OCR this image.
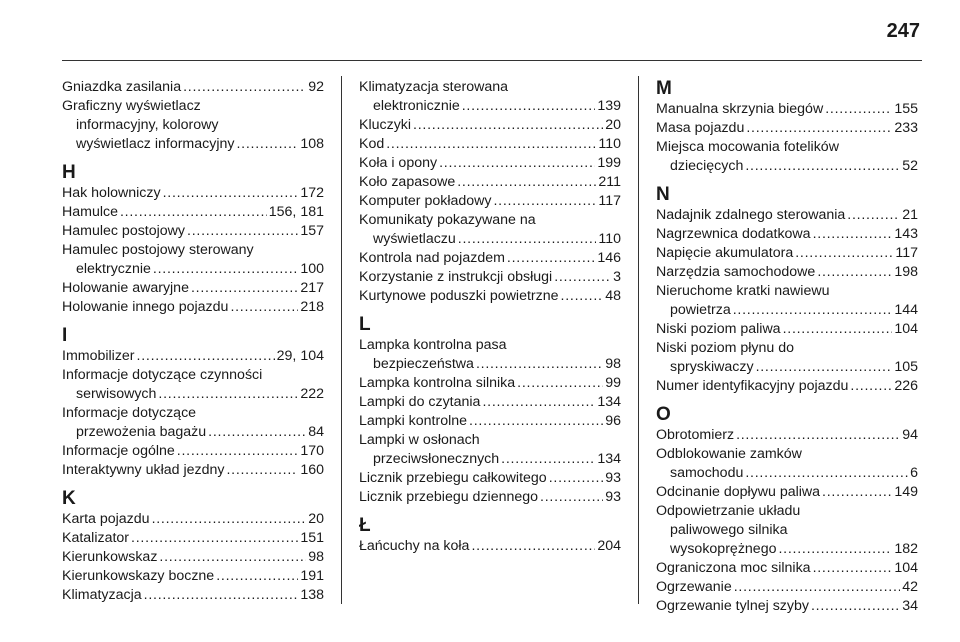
247
Gniazdka zasilania . . .	92
Graficzny wyświetlacz
informacyjny, kolorowy
wyświetlacz informacyjny . . .	108
H
Hak holowniczy . . .	172
Hamulce . . .	156, 181
Hamulec postojowy . . .	157
Hamulec postojowy sterowany
elektrycznie . . .	100
Holowanie awaryjne . . .	217
Holowanie innego pojazdu . . .	218
I
Immobilizer . . .	29, 104
Informacje dotyczące czynności
serwisowych . . .	222
Informacje dotyczące
przewożenia bagażu . . .	84
Informacje ogólne . . .	170
Interaktywny układ jezdny . . .	160
K
Karta pojazdu . . .	20
Katalizator . . .	151
Kierunkowskaz . . .	98
Kierunkowskazy boczne . . .	191
Klimatyzacja . . .	138
Klimatyzacja sterowana
elektronicznie . . .	139
Kluczyki . . .	20
Kod . . .	110
Koła i opony . . .	199
Koło zapasowe . . .	211
Komputer pokładowy . . .	117
Komunikaty pokazywane na
wyświetlaczu . . .	110
Kontrola nad pojazdem . . .	146
Korzystanie z instrukcji obsługi . . .	3
Kurtynowe poduszki powietrzne . . .	48
L
Lampka kontrolna pasa
bezpieczeństwa . . .	98
Lampka kontrolna silnika . . .	99
Lampki do czytania . . .	134
Lampki kontrolne . . .	96
Lampki w osłonach
przeciwsłonecznych . . .	134
Licznik przebiegu całkowitego . . .	93
Licznik przebiegu dziennego . . .	93
Ł
Łańcuchy na koła . . .	204
M
Manualna skrzynia biegów . . .	155
Masa pojazdu . . .	233
Miejsca mocowania fotelików
dziecięcych . . .	52
N
Nadajnik zdalnego sterowania . . .	21
Nagrzewnica dodatkowa . . .	143
Napięcie akumulatora . . .	117
Narzędzia samochodowe . . .	198
Nieruchome kratki nawiewu
powietrza . . .	144
Niski poziom paliwa . . .	104
Niski poziom płynu do
spryskiwaczy . . .	105
Numer identyfikacyjny pojazdu . . .	226
O
Obrotomierz . . .	94
Odblokowanie zamków
samochodu . . .	6
Odcinanie dopływu paliwa . . .	149
Odpowietrzanie układu
paliwowego silnika
wysokoprężnego . . .	182
Ograniczona moc silnika . . .	104
Ogrzewanie . . .	42
Ogrzewanie tylnej szyby . . .	34
